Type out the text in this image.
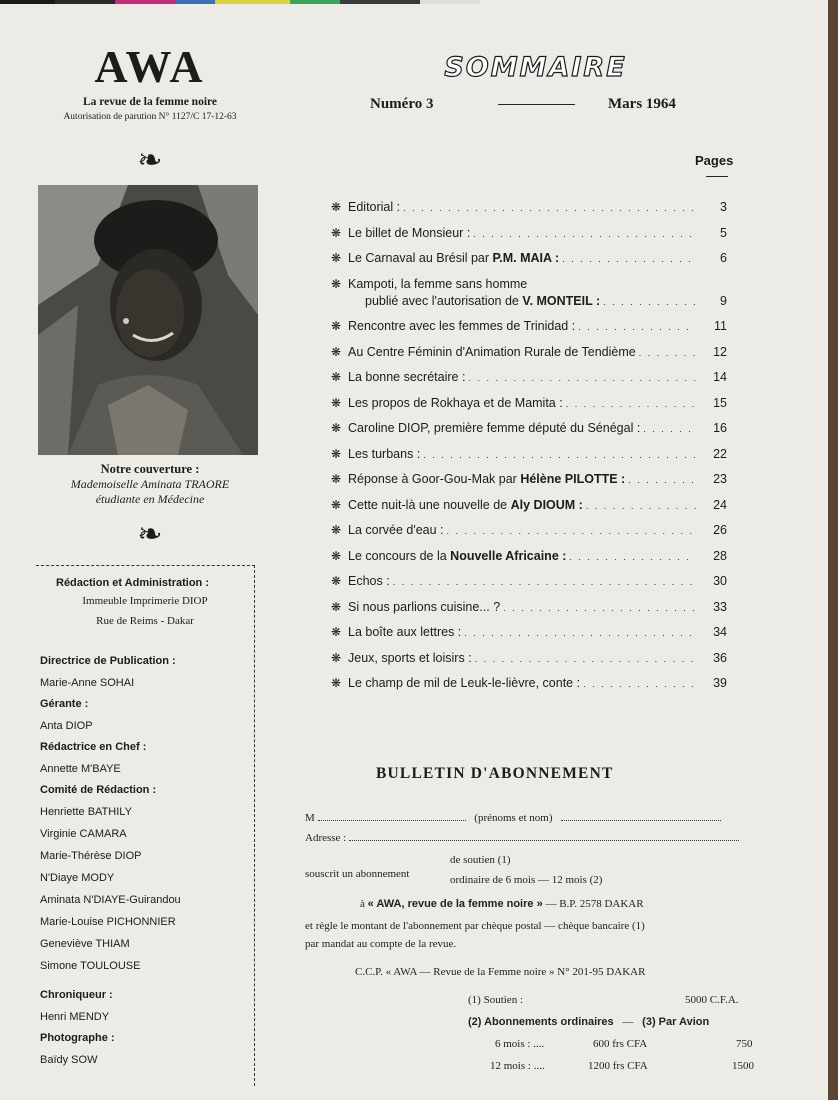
AWA
La revue de la femme noire
Autorisation de parution N° 1127/C 17-12-63
❧
Notre couverture :
Mademoiselle Aminata TRAORE
étudiante en Médecine
❧
Rédaction et Administration :
Immeuble Imprimerie DIOP
Rue de Reims - Dakar
Directrice de Publication :
Marie-Anne SOHAI
Gérante :
Anta DIOP
Rédactrice en Chef :
Annette M'BAYE
Comité de Rédaction :
Henriette BATHILY
Virginie CAMARA
Marie-Thérèse DIOP
N'Diaye MODY
Aminata N'DIAYE-Guirandou
Marie-Louise PICHONNIER
Geneviève THIAM
Simone TOULOUSE
Chroniqueur :
Henri MENDY
Photographe :
Baïdy SOW
SOMMAIRE
Numéro 3	Mars 1964
Pages
❋ Editorial : . . .	3
❋ Le billet de Monsieur : . . .	5
❋ Le Carnaval au Brésil par
P.M. MAIA : . . .	6
❋ Kampoti, la femme sans homme
publié avec l'autorisation de
V. MONTEIL : . . .	9
❋ Rencontre avec les femmes de Trinidad : . . .	11
❋ Au Centre Féminin d'Animation Rurale de Tendième . . .	12
❋ La bonne secrétaire : . . .	14
❋ Les propos de Rokhaya et de Mamita : . . .	15
❋ Caroline DIOP, première femme député du Sénégal : . . .	16
❋ Les turbans : . . .	22
❋ Réponse à Goor-Gou-Mak par
Hélène PILOTTE : . . .	23
❋ Cette nuit-là une nouvelle de
Aly DIOUM : . . .	24
❋ La corvée d'eau : . . .	26
❋ Le concours de la
Nouvelle Africaine : . . .	28
❋ Echos : . . .	30
❋ Si nous parlions cuisine... ? . . .	33
❋ La boîte aux lettres : . . .	34
❋ Jeux, sports et loisirs : . . .	36
❋ Le champ de mil de Leuk-le-lièvre, conte : . . .	39
BULLETIN D'ABONNEMENT
M	(prénoms et nom)
Adresse :
souscrit un abonnement
de soutien (1)
ordinaire de 6 mois — 12 mois (2)
à « AWA, revue de la femme noire » — B.P. 2578 DAKAR
et règle le montant de l'abonnement par chèque postal — chèque bancaire (1)
par mandat au compte de la revue.
C.C.P. « AWA — Revue de la Femme noire » N° 201-95 DAKAR
(1) Soutien :	5000 C.F.A.
(2) Abonnements ordinaires — (3) Par Avion
6 mois : ....	600 frs CFA	750
12 mois : ....	1200 frs CFA	1500
